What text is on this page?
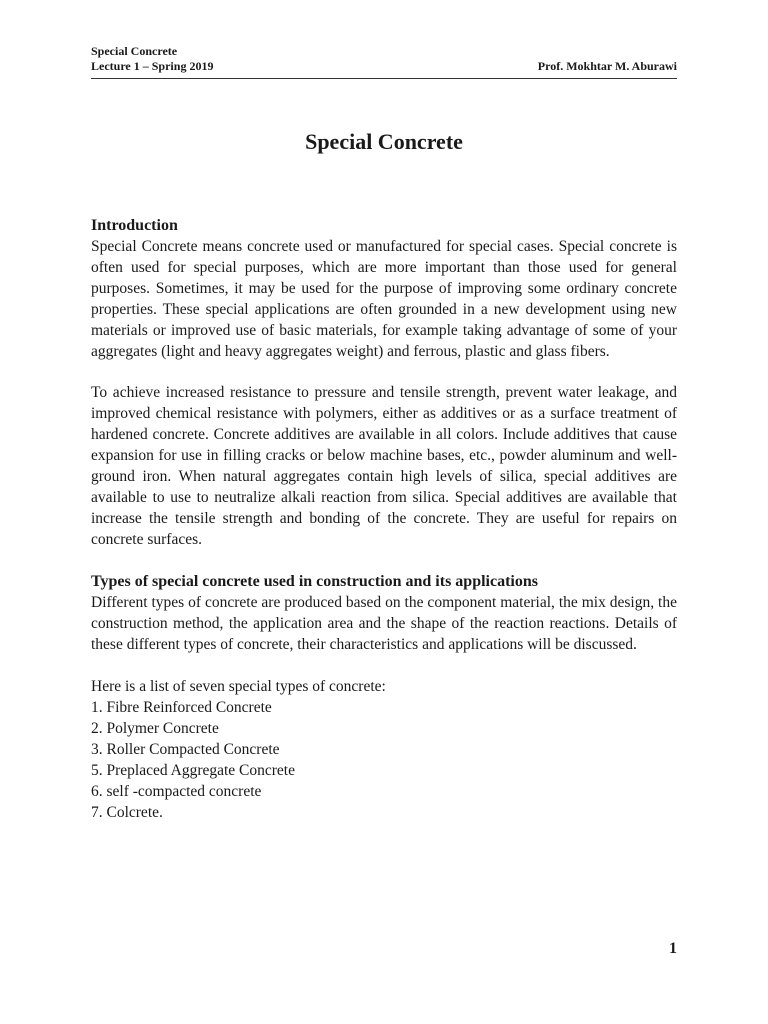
Special Concrete
Lecture 1 – Spring 2019	Prof. Mokhtar M. Aburawi
Special Concrete

Introduction

Special Concrete means concrete used or manufactured for special cases. Special concrete is often used for special purposes, which are more important than those used for general purposes. Sometimes, it may be used for the purpose of improving some ordinary concrete properties. These special applications are often grounded in a new development using new materials or improved use of basic materials, for example taking advantage of some of your aggregates (light and heavy aggregates weight) and ferrous, plastic and glass fibers.

To achieve increased resistance to pressure and tensile strength, prevent water leakage, and improved chemical resistance with polymers, either as additives or as a surface treatment of hardened concrete. Concrete additives are available in all colors. Include additives that cause expansion for use in filling cracks or below machine bases, etc., powder aluminum and well-ground iron. When natural aggregates contain high levels of silica, special additives are available to use to neutralize alkali reaction from silica. Special additives are available that increase the tensile strength and bonding of the concrete. They are useful for repairs on concrete surfaces.

Types of special concrete used in construction and its applications

Different types of concrete are produced based on the component material, the mix design, the construction method, the application area and the shape of the reaction reactions. Details of these different types of concrete, their characteristics and applications will be discussed.

Here is a list of seven special types of concrete:

1. Fibre Reinforced Concrete
2. Polymer Concrete
3. Roller Compacted Concrete
5. Preplaced Aggregate Concrete
6. self -compacted concrete
7. Colcrete.
1
